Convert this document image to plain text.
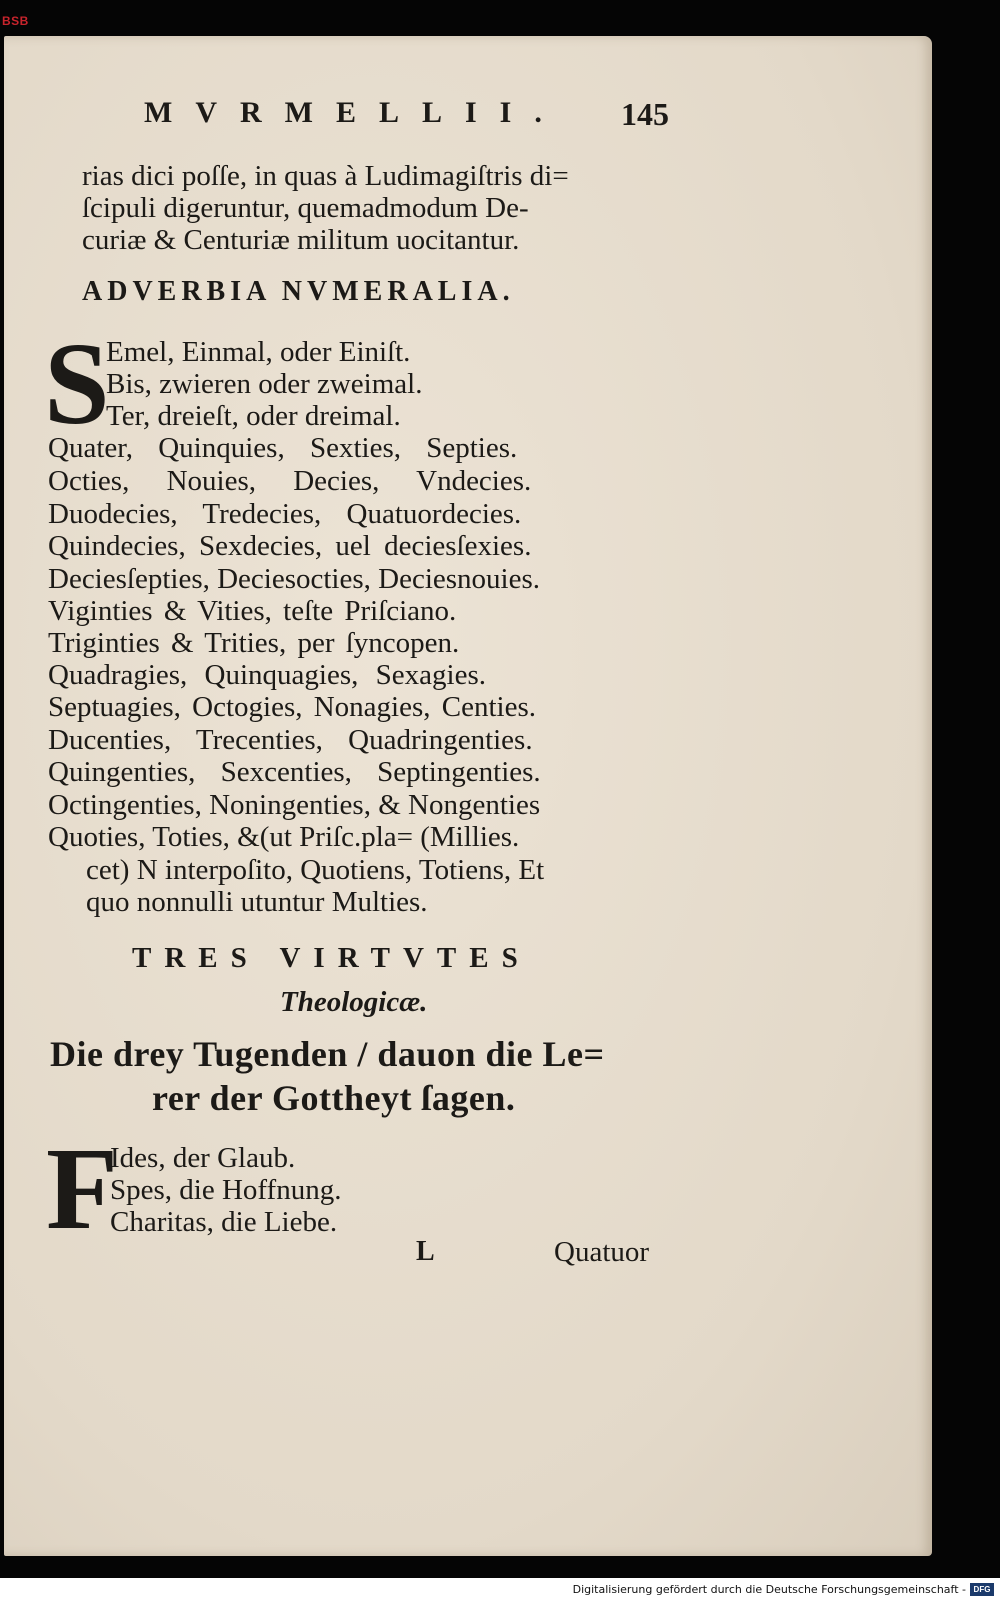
BSB
MVRMELLII. 145
rias dici poſſe, in quas à Ludimagiſtris di=
ſcipuli digeruntur, quemadmodum De-
curiæ & Centuriæ militum uocitantur.
ADVERBIA NVMERALIA.
S
Emel, Einmal, oder Einiſt.
Bis, zwieren oder zweimal.
Ter, dreieſt, oder dreimal.
Quater, Quinquies, Sexties, Septies.
Octies, Nouies, Decies, Vndecies.
Duodecies, Tredecies, Quatuordecies.
Quindecies, Sexdecies, uel deciesſexies.
Deciesſepties, Deciesocties, Deciesnouies.
Viginties & Vities, teſte Priſciano.
Triginties & Trities, per ſyncopen.
Quadragies, Quinquagies, Sexagies.
Septuagies, Octogies, Nonagies, Centies.
Ducenties, Trecenties, Quadringenties.
Quingenties, Sexcenties, Septingenties.
Octingenties, Noningenties, & Nongenties
Quoties, Toties, &(ut Priſc.pla= (Millies.
cet) N interpoſito, Quotiens, Totiens, Et
quo nonnulli utuntur Multies.
TRES VIRTVTES
Theologicæ.
Die drey Tugenden / dauon die Le=
rer der Gottheyt ſagen.
F
Ides, der Glaub.
Spes, die Hoffnung.
Charitas, die Liebe.
L	Quatuor
Digitalisierung gefördert durch die Deutsche Forschungsgemeinschaft - DFG
